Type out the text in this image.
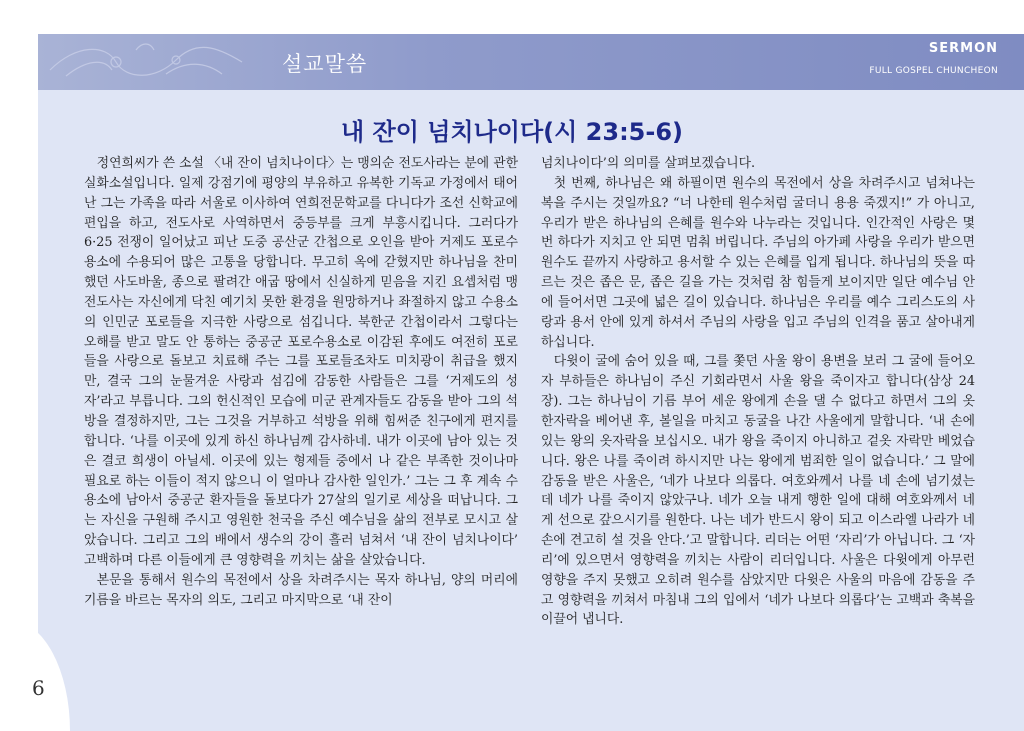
설교말씀
SERMON
FULL GOSPEL CHUNCHEON
내 잔이 넘치나이다(시 23:5-6)

정연희씨가 쓴 소설 〈내 잔이 넘치나이다〉는 맹의순 전도사라는 분에 관한 실화소설입니다. 일제 강점기에 평양의 부유하고 유복한 기독교 가정에서 태어난 그는 가족을 따라 서울로 이사하여 연희전문학교를 다니다가 조선 신학교에 편입을 하고, 전도사로 사역하면서 중등부를 크게 부흥시킵니다. 그러다가 6·25 전쟁이 일어났고 피난 도중 공산군 간첩으로 오인을 받아 거제도 포로수용소에 수용되어 많은 고통을 당합니다. 무고히 옥에 갇혔지만 하나님을 찬미했던 사도바울, 종으로 팔려간 애굽 땅에서 신실하게 믿음을 지킨 요셉처럼 맹 전도사는 자신에게 닥친 예기치 못한 환경을 원망하거나 좌절하지 않고 수용소의 인민군 포로들을 지극한 사랑으로 섬깁니다. 북한군 간첩이라서 그렇다는 오해를 받고 말도 안 통하는 중공군 포로수용소로 이감된 후에도 여전히 포로들을 사랑으로 돌보고 치료해 주는 그를 포로들조차도 미치광이 취급을 했지만, 결국 그의 눈물겨운 사랑과 섬김에 감동한 사람들은 그를 ‘거제도의 성자’라고 부릅니다. 그의 헌신적인 모습에 미군 관계자들도 감동을 받아 그의 석방을 결정하지만, 그는 그것을 거부하고 석방을 위해 힘써준 친구에게 편지를 합니다. ‘나를 이곳에 있게 하신 하나님께 감사하네. 내가 이곳에 남아 있는 것은 결코 희생이 아닐세. 이곳에 있는 형제들 중에서 나 같은 부족한 것이나마 필요로 하는 이들이 적지 않으니 이 얼마나 감사한 일인가.’ 그는 그 후 계속 수용소에 남아서 중공군 환자들을 돌보다가 27살의 일기로 세상을 떠납니다. 그는 자신을 구원해 주시고 영원한 천국을 주신 예수님을 삶의 전부로 모시고 살았습니다. 그리고 그의 배에서 생수의 강이 흘러 넘쳐서 ‘내 잔이 넘치나이다’ 고백하며 다른 이들에게 큰 영향력을 끼치는 삶을 살았습니다.

본문을 통해서 원수의 목전에서 상을 차려주시는 목자 하나님, 양의 머리에 기름을 바르는 목자의 의도, 그리고 마지막으로 ‘내 잔이

넘치나이다’의 의미를 살펴보겠습니다.

첫 번째, 하나님은 왜 하필이면 원수의 목전에서 상을 차려주시고 넘쳐나는 복을 주시는 것일까요? “너 나한테 원수처럼 굴더니 용용 죽겠지!” 가 아니고, 우리가 받은 하나님의 은혜를 원수와 나누라는 것입니다. 인간적인 사랑은 몇 번 하다가 지치고 안 되면 멈춰 버립니다. 주님의 아가페 사랑을 우리가 받으면 원수도 끝까지 사랑하고 용서할 수 있는 은혜를 입게 됩니다. 하나님의 뜻을 따르는 것은 좁은 문, 좁은 길을 가는 것처럼 참 힘들게 보이지만 일단 예수님 안에 들어서면 그곳에 넓은 길이 있습니다. 하나님은 우리를 예수 그리스도의 사랑과 용서 안에 있게 하셔서 주님의 사랑을 입고 주님의 인격을 품고 살아내게 하십니다.

다윗이 굴에 숨어 있을 때, 그를 쫓던 사울 왕이 용변을 보러 그 굴에 들어오자 부하들은 하나님이 주신 기회라면서 사울 왕을 죽이자고 합니다(삼상 24장). 그는 하나님이 기름 부어 세운 왕에게 손을 댈 수 없다고 하면서 그의 옷 한자락을 베어낸 후, 볼일을 마치고 동굴을 나간 사울에게 말합니다. ‘내 손에 있는 왕의 옷자락을 보십시오. 내가 왕을 죽이지 아니하고 겉옷 자락만 베었습니다. 왕은 나를 죽이려 하시지만 나는 왕에게 범죄한 일이 없습니다.’ 그 말에 감동을 받은 사울은, ‘네가 나보다 의롭다. 여호와께서 나를 네 손에 넘기셨는데 네가 나를 죽이지 않았구나. 네가 오늘 내게 행한 일에 대해 여호와께서 네게 선으로 갚으시기를 원한다. 나는 네가 반드시 왕이 되고 이스라엘 나라가 네 손에 견고히 설 것을 안다.’고 말합니다. 리더는 어떤 ‘자리’가 아닙니다. 그 ‘자리’에 있으면서 영향력을 끼치는 사람이 리더입니다. 사울은 다윗에게 아무런 영향을 주지 못했고 오히려 원수를 삼았지만 다윗은 사울의 마음에 감동을 주고 영향력을 끼쳐서 마침내 그의 입에서 ‘네가 나보다 의롭다’는 고백과 축복을 이끌어 냅니다.

6
